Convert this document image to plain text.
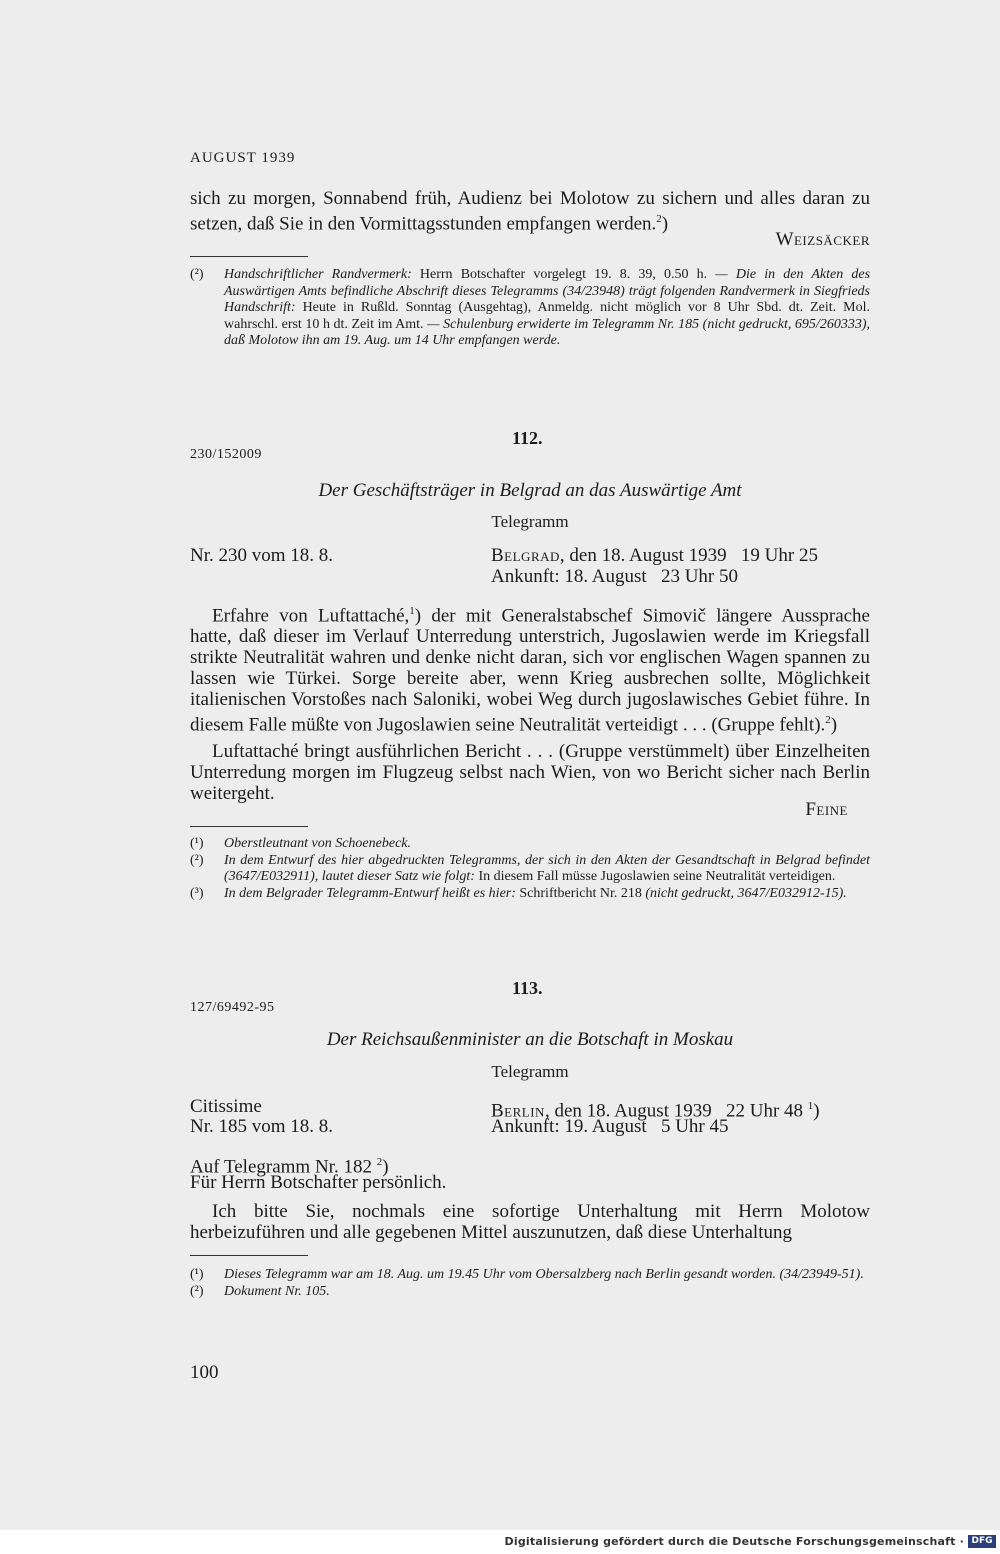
AUGUST 1939
sich zu morgen, Sonnabend früh, Audienz bei Molotow zu sichern und alles daran zu setzen, daß Sie in den Vormittagsstunden empfangen werden.$^2$)
Weizsäcker
(²)	Handschriftlicher Randvermerk: Herrn Botschafter vorgelegt 19. 8. 39, 0.50 h. — Die in den Akten des Auswärtigen Amts befindliche Abschrift dieses Telegramms (34/23948) trägt folgenden Randvermerk in Siegfrieds Handschrift: Heute in Rußld. Sonntag (Ausgehtag), Anmeldg. nicht möglich vor 8 Uhr Sbd. dt. Zeit. Mol. wahrschl. erst 10 h dt. Zeit im Amt. — Schulenburg erwiderte im Telegramm Nr. 185 (nicht gedruckt, 695/260333), daß Molotow ihn am 19. Aug. um 14 Uhr empfangen werde.
112.
230/152009
Der Geschäftsträger in Belgrad an das Auswärtige Amt
Telegramm
Nr. 230 vom 18. 8.	Belgrad, den 18. August 1939   19 Uhr 25
Ankunft: 18. August   23 Uhr 50
Erfahre von Luftattaché,$^1$) der mit Generalstabschef Simovič längere Aussprache hatte, daß dieser im Verlauf Unterredung unterstrich, Jugoslawien werde im Kriegsfall strikte Neutralität wahren und denke nicht daran, sich vor englischen Wagen spannen zu lassen wie Türkei. Sorge bereite aber, wenn Krieg ausbrechen sollte, Möglichkeit italienischen Vorstoßes nach Saloniki, wobei Weg durch jugoslawisches Gebiet führe. In diesem Falle müßte von Jugoslawien seine Neutralität verteidigt . . . (Gruppe fehlt).$^2$)
Luftattaché bringt ausführlichen Bericht . . . (Gruppe verstümmelt) über Einzelheiten Unterredung morgen im Flugzeug selbst nach Wien, von wo Bericht sicher nach Berlin weitergeht.
Feine
(¹)	Oberstleutnant von Schoenebeck.
(²)	In dem Entwurf des hier abgedruckten Telegramms, der sich in den Akten der Gesandtschaft in Belgrad befindet (3647/E032911), lautet dieser Satz wie folgt: In diesem Fall müsse Jugoslawien seine Neutralität verteidigen.
(³)	In dem Belgrader Telegramm-Entwurf heißt es hier: Schriftbericht Nr. 218 (nicht gedruckt, 3647/E032912-15).
113.
127/69492-95
Der Reichsaußenminister an die Botschaft in Moskau
Telegramm
Citissime
Nr. 185 vom 18. 8.
Berlin, den 18. August 1939   22 Uhr 48 $^1$)
Ankunft: 19. August   5 Uhr 45
Auf Telegramm Nr. 182 $^2$)
Für Herrn Botschafter persönlich.
Ich bitte Sie, nochmals eine sofortige Unterhaltung mit Herrn Molotow herbeizuführen und alle gegebenen Mittel auszunutzen, daß diese Unterhaltung
(¹)	Dieses Telegramm war am 18. Aug. um 19.45 Uhr vom Obersalzberg nach Berlin gesandt worden. (34/23949-51).
(²)	Dokument Nr. 105.
100
Digitalisierung gefördert durch die Deutsche Forschungsgemeinschaft · DFG
